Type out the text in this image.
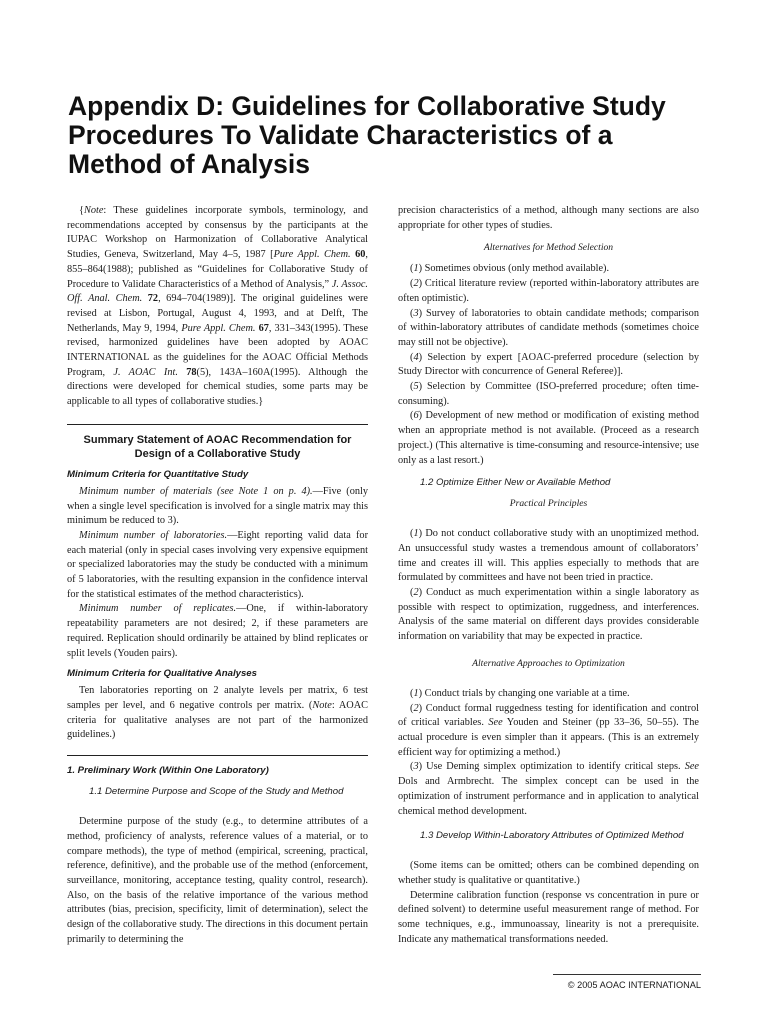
Appendix D: Guidelines for Collaborative Study Procedures To Validate Characteristics of a Method of Analysis

{Note: These guidelines incorporate symbols, terminology, and recommendations accepted by consensus by the participants at the IUPAC Workshop on Harmonization of Collaborative Analytical Studies, Geneva, Switzerland, May 4–5, 1987 [Pure Appl. Chem. 60, 855–864(1988); published as “Guidelines for Collaborative Study of Procedure to Validate Characteristics of a Method of Analysis,” J. Assoc. Off. Anal. Chem. 72, 694–704(1989)]. The original guidelines were revised at Lisbon, Portugal, August 4, 1993, and at Delft, The Netherlands, May 9, 1994, Pure Appl. Chem. 67, 331–343(1995). These revised, harmonized guidelines have been adopted by AOAC INTERNATIONAL as the guidelines for the AOAC Official Methods Program, J. AOAC Int. 78(5), 143A–160A(1995). Although the directions were developed for chemical studies, some parts may be applicable to all types of collaborative studies.}

Summary Statement of AOAC Recommendation for Design of a Collaborative Study
Minimum Criteria for Quantitative Study

Minimum number of materials (see Note 1 on p. 4).—Five (only when a single level specification is involved for a single matrix may this minimum be reduced to 3).

Minimum number of laboratories.—Eight reporting valid data for each material (only in special cases involving very expensive equipment or specialized laboratories may the study be conducted with a minimum of 5 laboratories, with the resulting expansion in the confidence interval for the statistical estimates of the method characteristics).

Minimum number of replicates.—One, if within-laboratory repeatability parameters are not desired; 2, if these parameters are required. Replication should ordinarily be attained by blind replicates or split levels (Youden pairs).

Minimum Criteria for Qualitative Analyses

Ten laboratories reporting on 2 analyte levels per matrix, 6 test samples per level, and 6 negative controls per matrix. (Note: AOAC criteria for qualitative analyses are not part of the harmonized guidelines.)

1. Preliminary Work (Within One Laboratory)
1.1 Determine Purpose and Scope of the Study and Method

Determine purpose of the study (e.g., to determine attributes of a method, proficiency of analysts, reference values of a material, or to compare methods), the type of method (empirical, screening, practical, reference, definitive), and the probable use of the method (enforcement, surveillance, monitoring, acceptance testing, quality control, research). Also, on the basis of the relative importance of the various method attributes (bias, precision, specificity, limit of determination), select the design of the collaborative study. The directions in this document pertain primarily to determining the

precision characteristics of a method, although many sections are also appropriate for other types of studies.

Alternatives for Method Selection

(1) Sometimes obvious (only method available).

(2) Critical literature review (reported within-laboratory attributes are often optimistic).

(3) Survey of laboratories to obtain candidate methods; comparison of within-laboratory attributes of candidate methods (sometimes choice may still not be objective).

(4) Selection by expert [AOAC-preferred procedure (selection by Study Director with concurrence of General Referee)].

(5) Selection by Committee (ISO-preferred procedure; often time-consuming).

(6) Development of new method or modification of existing method when an appropriate method is not available. (Proceed as a research project.) (This alternative is time-consuming and resource-intensive; use only as a last resort.)

1.2 Optimize Either New or Available Method
Practical Principles

(1) Do not conduct collaborative study with an unoptimized method. An unsuccessful study wastes a tremendous amount of collaborators’ time and creates ill will. This applies especially to methods that are formulated by committees and have not been tried in practice.

(2) Conduct as much experimentation within a single laboratory as possible with respect to optimization, ruggedness, and interferences. Analysis of the same material on different days provides considerable information on variability that may be expected in practice.

Alternative Approaches to Optimization

(1) Conduct trials by changing one variable at a time.

(2) Conduct formal ruggedness testing for identification and control of critical variables. See Youden and Steiner (pp 33–36, 50–55). The actual procedure is even simpler than it appears. (This is an extremely efficient way for optimizing a method.)

(3) Use Deming simplex optimization to identify critical steps. See Dols and Armbrecht. The simplex concept can be used in the optimization of instrument performance and in application to analytical chemical method development.

1.3 Develop Within-Laboratory Attributes of Optimized Method

(Some items can be omitted; others can be combined depending on whether study is qualitative or quantitative.)

Determine calibration function (response vs concentration in pure or defined solvent) to determine useful measurement range of method. For some techniques, e.g., immunoassay, linearity is not a prerequisite. Indicate any mathematical transformations needed.

© 2005 AOAC INTERNATIONAL
